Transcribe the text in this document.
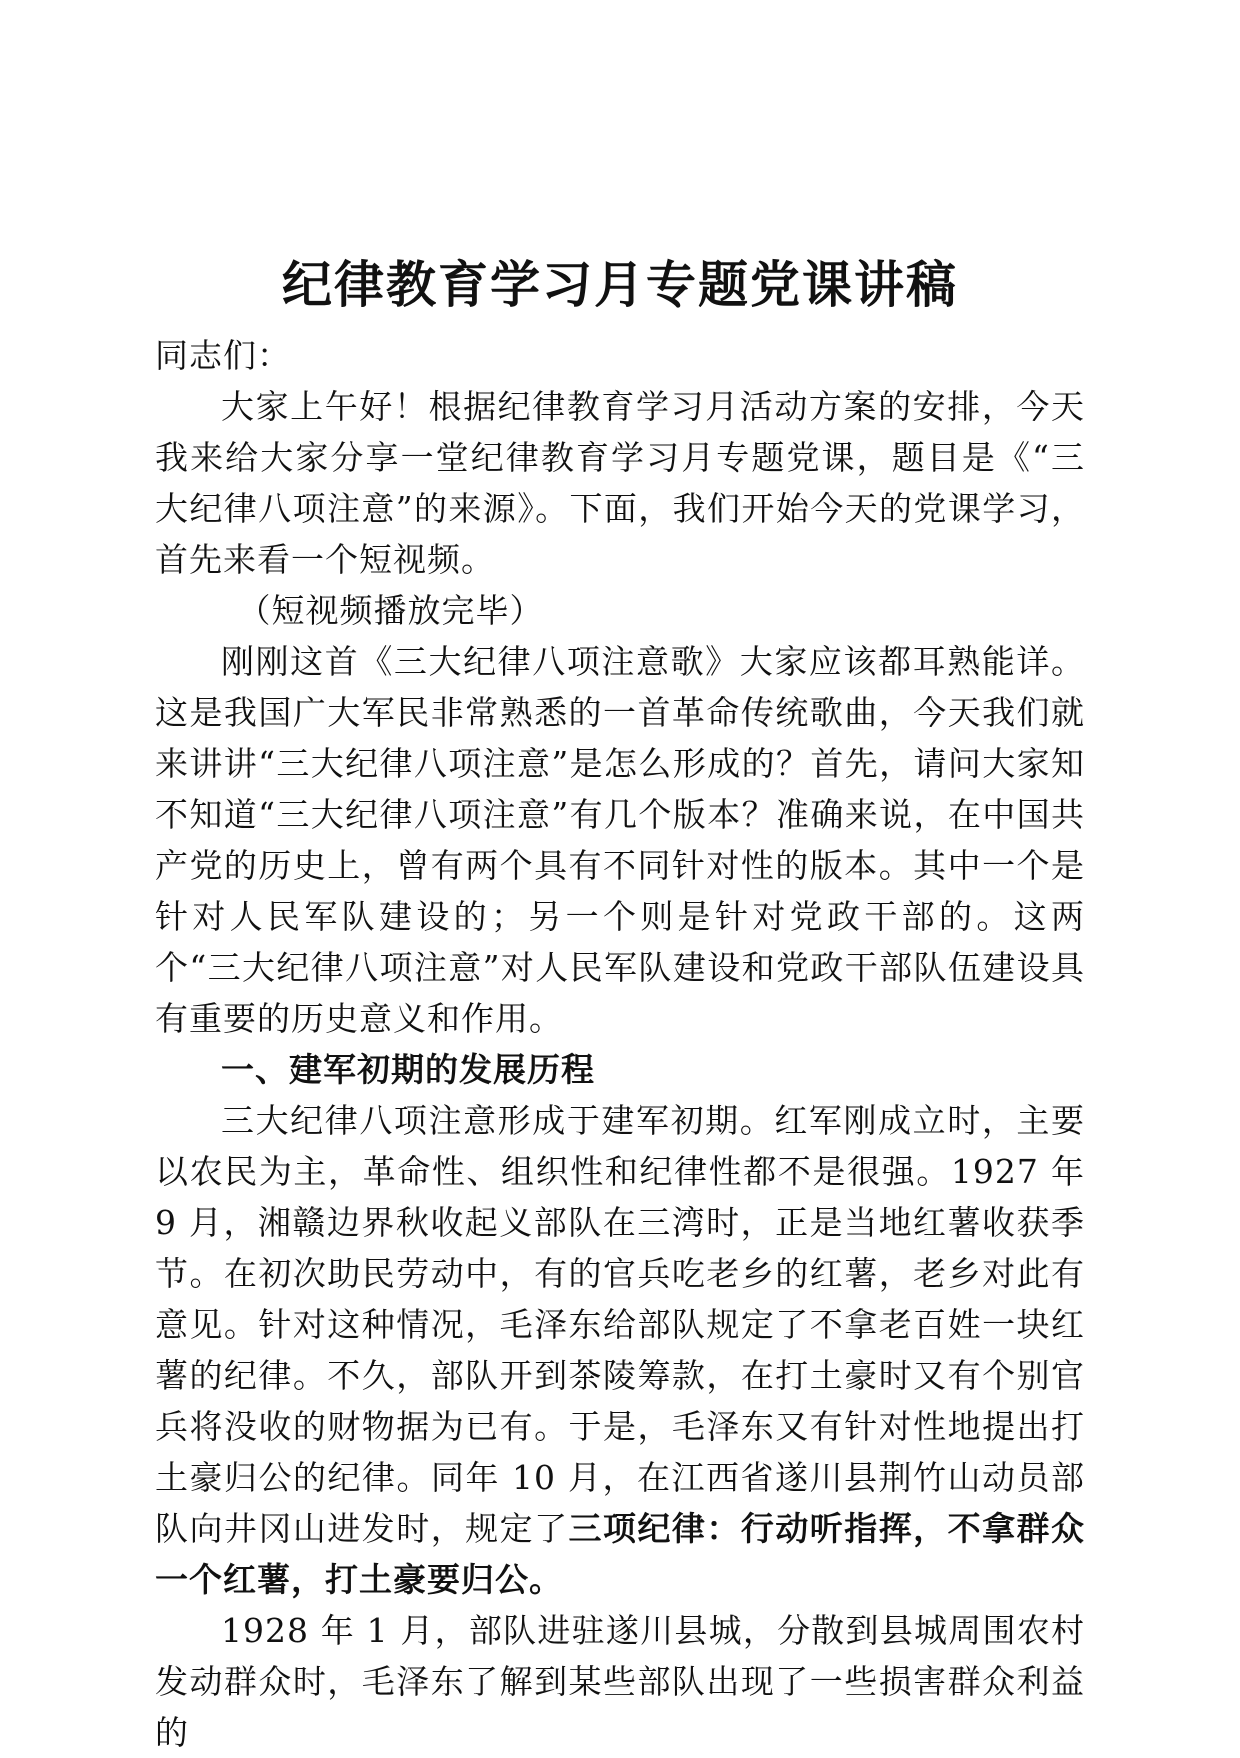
纪律教育学习月专题党课讲稿

同志们：

大家上午好！根据纪律教育学习月活动方案的安排，今天我来给大家分享一堂纪律教育学习月专题党课，题目是《“三大纪律八项注意”的来源》。下面，我们开始今天的党课学习，首先来看一个短视频。

（短视频播放完毕）

刚刚这首《三大纪律八项注意歌》大家应该都耳熟能详。这是我国广大军民非常熟悉的一首革命传统歌曲，今天我们就来讲讲“三大纪律八项注意”是怎么形成的？首先，请问大家知不知道“三大纪律八项注意”有几个版本？准确来说，在中国共产党的历史上，曾有两个具有不同针对性的版本。其中一个是针对人民军队建设的；另一个则是针对党政干部的。这两个“三大纪律八项注意”对人民军队建设和党政干部队伍建设具有重要的历史意义和作用。

一、建军初期的发展历程

三大纪律八项注意形成于建军初期。红军刚成立时，主要以农民为主，革命性、组织性和纪律性都不是很强。1927 年 9 月，湘赣边界秋收起义部队在三湾时，正是当地红薯收获季节。在初次助民劳动中，有的官兵吃老乡的红薯，老乡对此有意见。针对这种情况，毛泽东给部队规定了不拿老百姓一块红薯的纪律。不久，部队开到茶陵筹款，在打土豪时又有个别官兵将没收的财物据为已有。于是，毛泽东又有针对性地提出打土豪归公的纪律。同年 10 月，在江西省遂川县荆竹山动员部队向井冈山进发时，规定了三项纪律：行动听指挥，不拿群众一个红薯，打土豪要归公。

1928 年 1 月，部队进驻遂川县城，分散到县城周围农村发动群众时，毛泽东了解到某些部队出现了一些损害群众利益的
